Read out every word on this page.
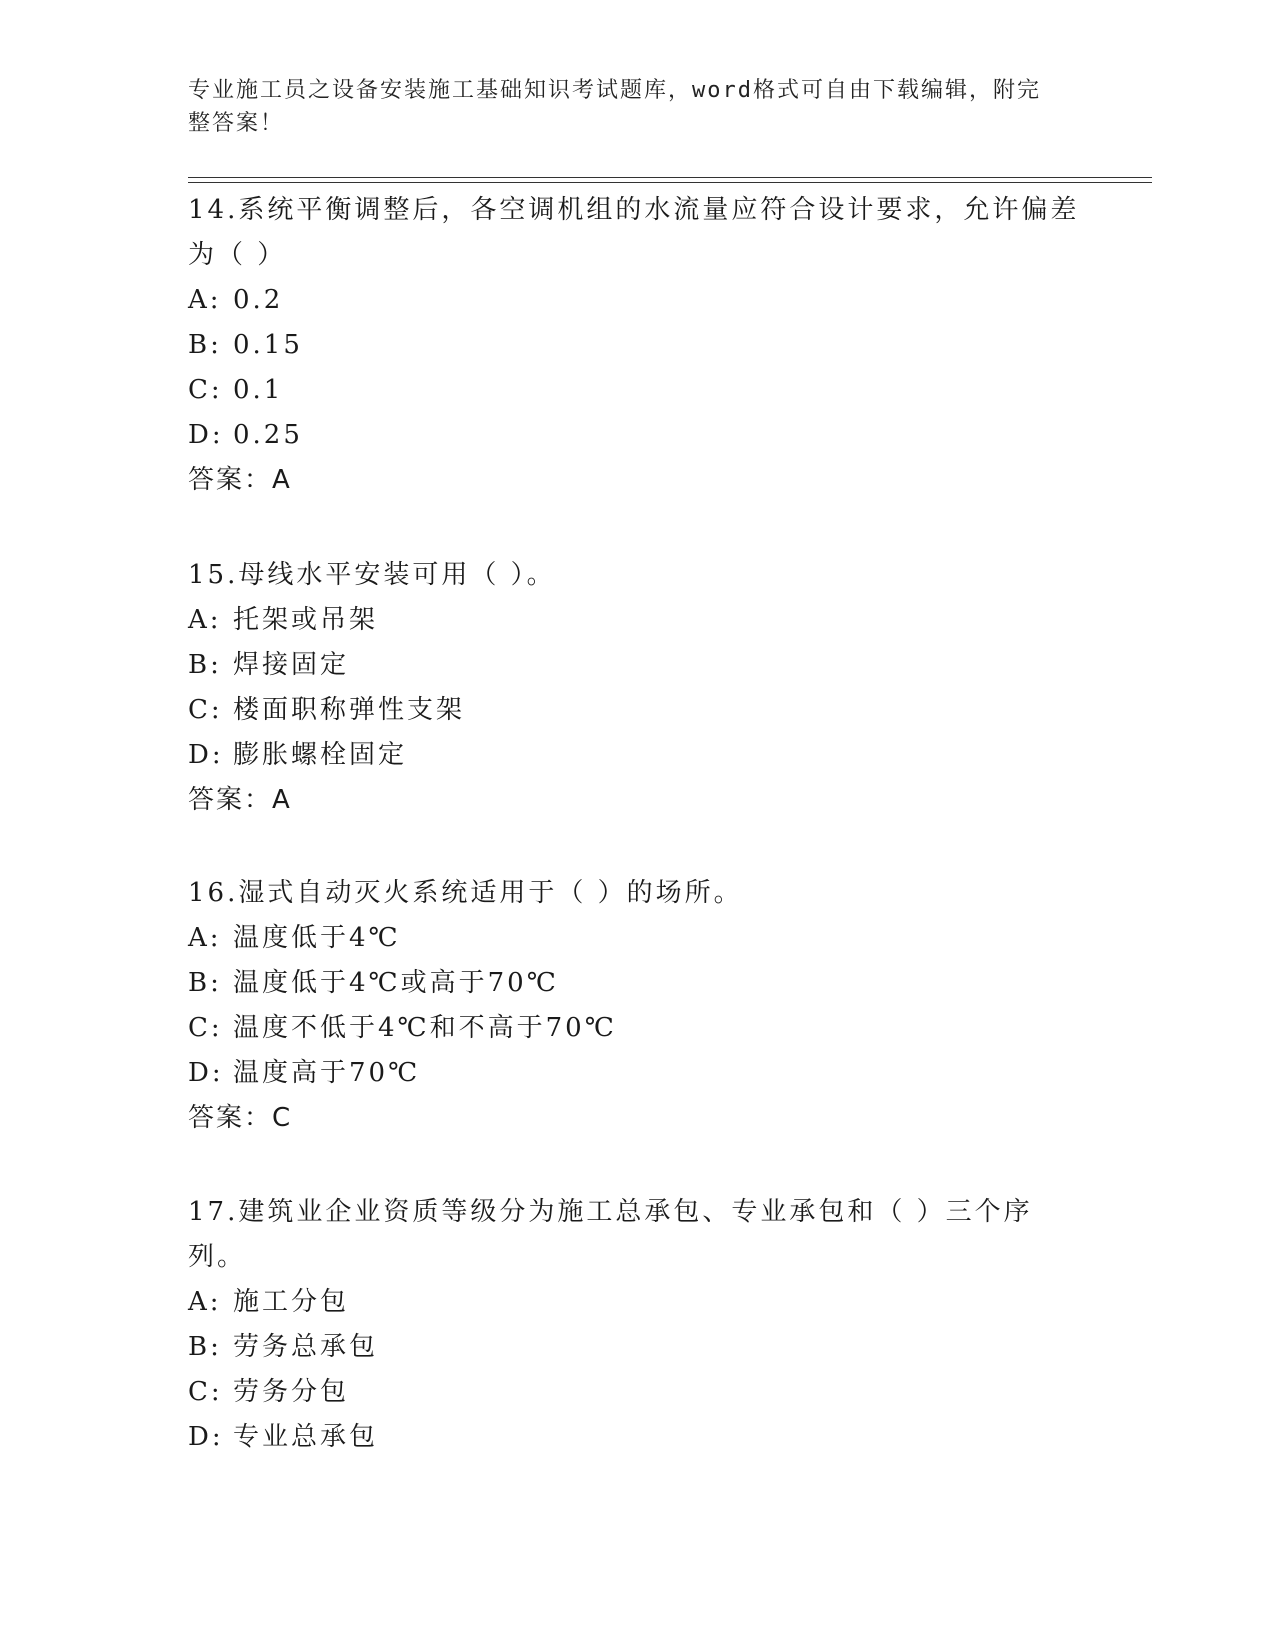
专业施工员之设备安装施工基础知识考试题库，word格式可自由下载编辑，附完
整答案！

14.系统平衡调整后，各空调机组的水流量应符合设计要求，允许偏差为（ ）

A: 0.2

B: 0.15

C: 0.1

D: 0.25

答案：A

15.母线水平安装可用（ ）。

A: 托架或吊架

B: 焊接固定

C: 楼面职称弹性支架

D: 膨胀螺栓固定

答案：A

16.湿式自动灭火系统适用于（ ）的场所。

A: 温度低于4℃

B: 温度低于4℃或高于70℃

C: 温度不低于4℃和不高于70℃

D: 温度高于70℃

答案：C

17.建筑业企业资质等级分为施工总承包、专业承包和（ ）三个序列。

A: 施工分包

B: 劳务总承包

C: 劳务分包

D: 专业总承包
